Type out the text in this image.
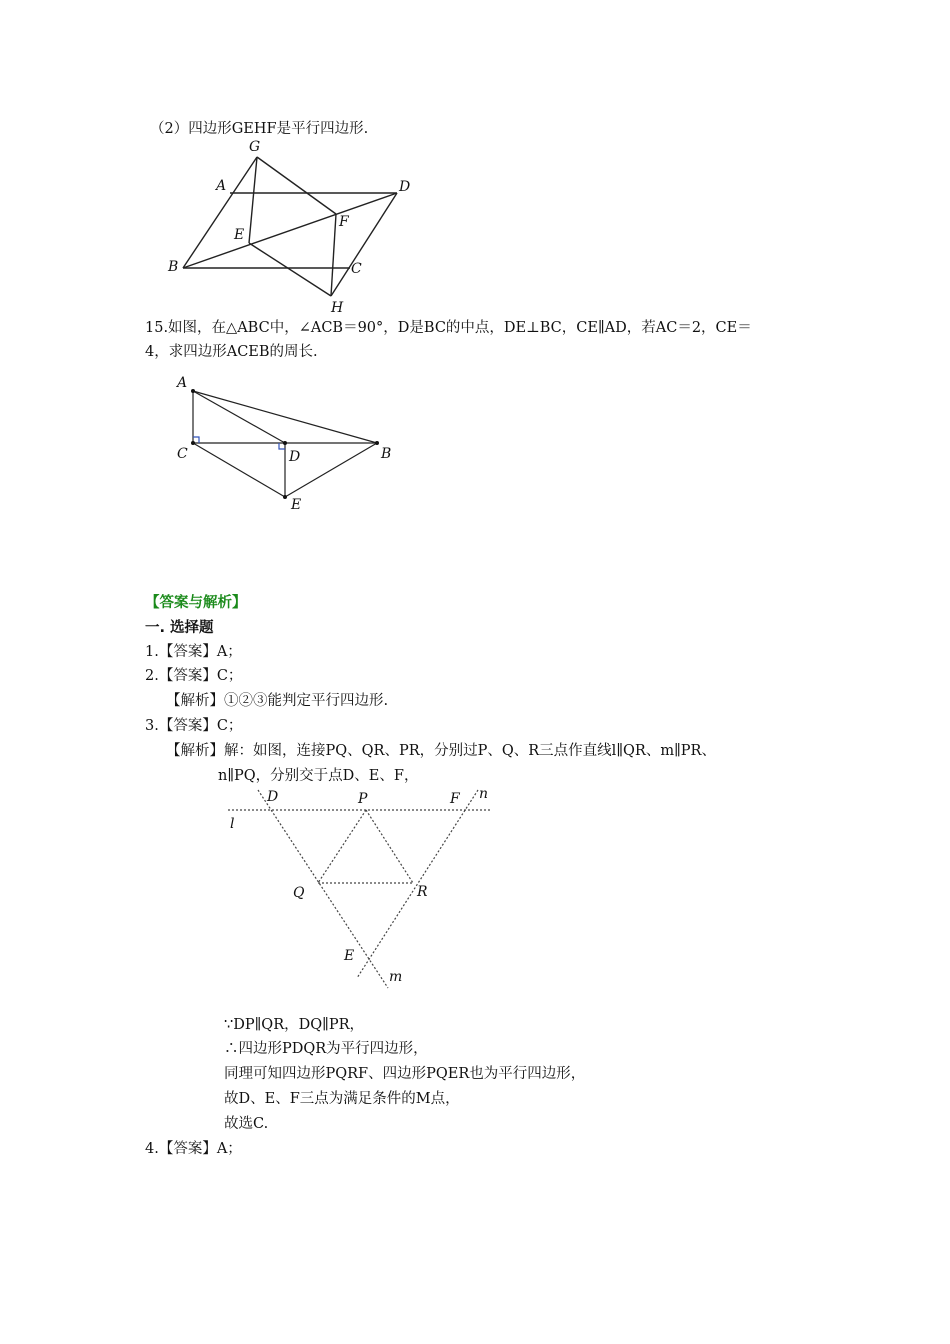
（2）四边形GEHF是平行四边形.
15.如图，在△ABC中，∠ACB＝90°，D是BC的中点，DE⊥BC，CE∥AD，若AC＝2，CE＝
4，求四边形ACEB的周长.
【答案与解析】
一. 选择题
1.【答案】A；
2.【答案】C；
【解析】①②③能判定平行四边形.
3.【答案】C；
【解析】解：如图，连接PQ、QR、PR，分别过P、Q、R三点作直线l∥QR、m∥PR、
n∥PQ，分别交于点D、E、F，
∵DP∥QR，DQ∥PR，
∴四边形PDQR为平行四边形，
同理可知四边形PQRF、四边形PQER也为平行四边形，
故D、E、F三点为满足条件的M点，
故选C.
4.【答案】A；
G
A	D
F
E
B	C
H
A
C	D	B
E
D	P	F n
l
Q	R
E
m
